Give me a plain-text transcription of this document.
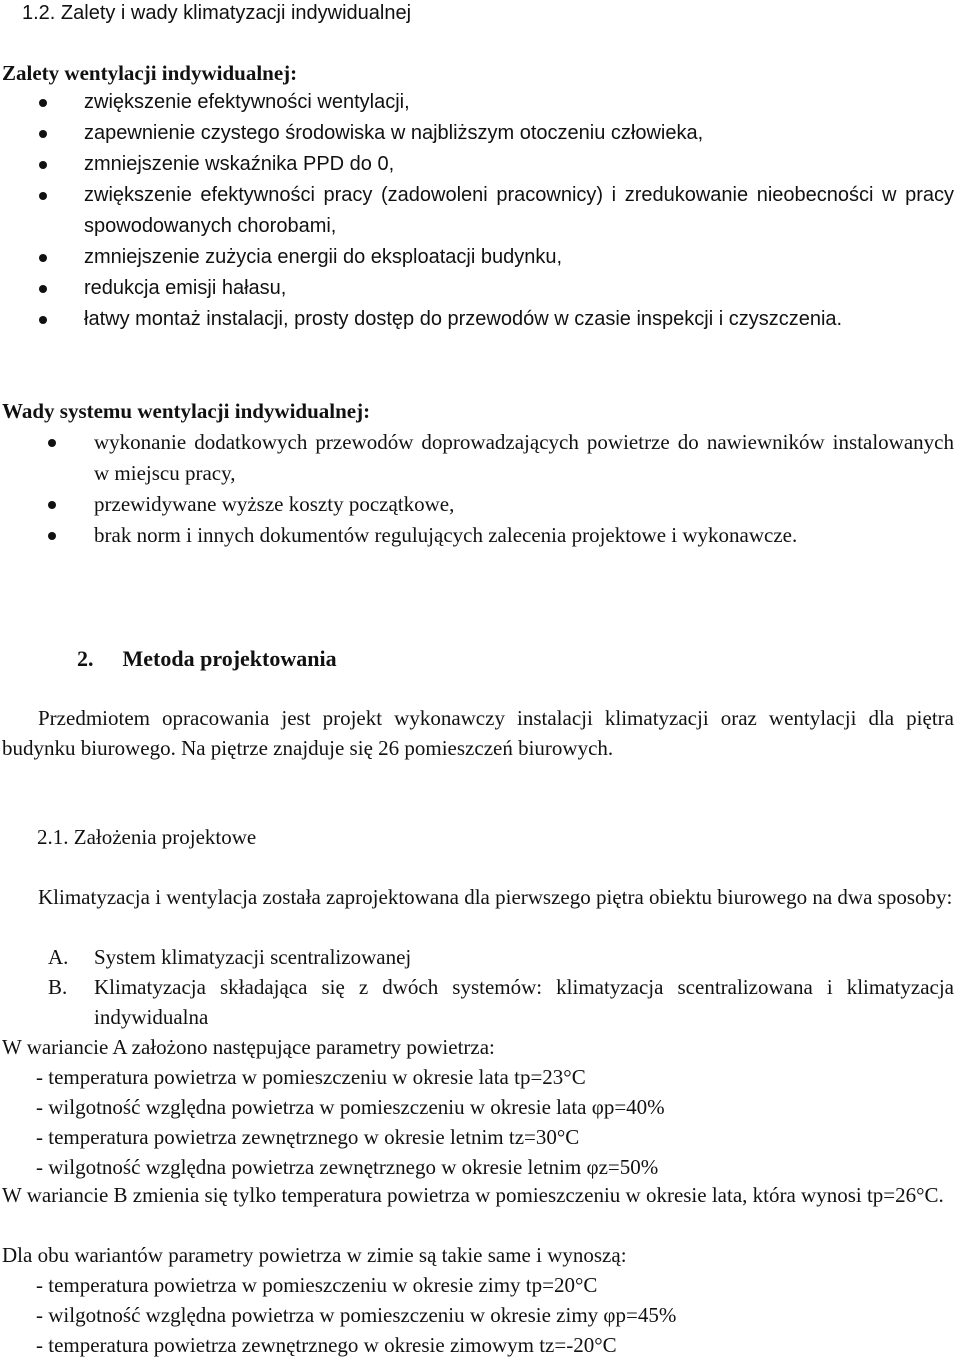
1.2. Zalety i wady klimatyzacji indywidualnej
Zalety wentylacji indywidualnej:
zwiększenie efektywności wentylacji,
zapewnienie czystego środowiska w najbliższym otoczeniu człowieka,
zmniejszenie wskaźnika PPD do 0,
zwiększenie efektywności pracy (zadowoleni pracownicy) i zredukowanie nieobecności w pracy spowodowanych chorobami,
zmniejszenie zużycia energii do eksploatacji budynku,
redukcja emisji hałasu,
łatwy montaż instalacji, prosty dostęp do przewodów w czasie inspekcji i czyszczenia.
Wady systemu wentylacji indywidualnej:
wykonanie dodatkowych przewodów doprowadzających powietrze do nawiewników instalowanych w miejscu pracy,
przewidywane wyższe koszty początkowe,
brak norm i innych dokumentów regulujących zalecenia projektowe i wykonawcze.
2. Metoda projektowania
Przedmiotem opracowania jest projekt wykonawczy instalacji klimatyzacji oraz wentylacji dla piętra budynku biurowego. Na piętrze znajduje się 26 pomieszczeń biurowych.
2.1. Założenia projektowe
Klimatyzacja i wentylacja została zaprojektowana dla pierwszego piętra obiektu biurowego na dwa sposoby:
A. System klimatyzacji scentralizowanej
B. Klimatyzacja składająca się z dwóch systemów: klimatyzacja scentralizowana i klimatyzacja indywidualna
W wariancie A założono następujące parametry powietrza:
- temperatura powietrza w pomieszczeniu w okresie lata tp=23°C
- wilgotność względna powietrza w pomieszczeniu w okresie lata φp=40%
- temperatura powietrza zewnętrznego w okresie letnim tz=30°C
- wilgotność względna powietrza zewnętrznego w okresie letnim φz=50%
W wariancie B zmienia się tylko temperatura powietrza w pomieszczeniu w okresie lata, która wynosi tp=26°C.
Dla obu wariantów parametry powietrza w zimie są takie same i wynoszą:
- temperatura powietrza w pomieszczeniu w okresie zimy tp=20°C
- wilgotność względna powietrza w pomieszczeniu w okresie zimy φp=45%
- temperatura powietrza zewnętrznego w okresie zimowym tz=-20°C
